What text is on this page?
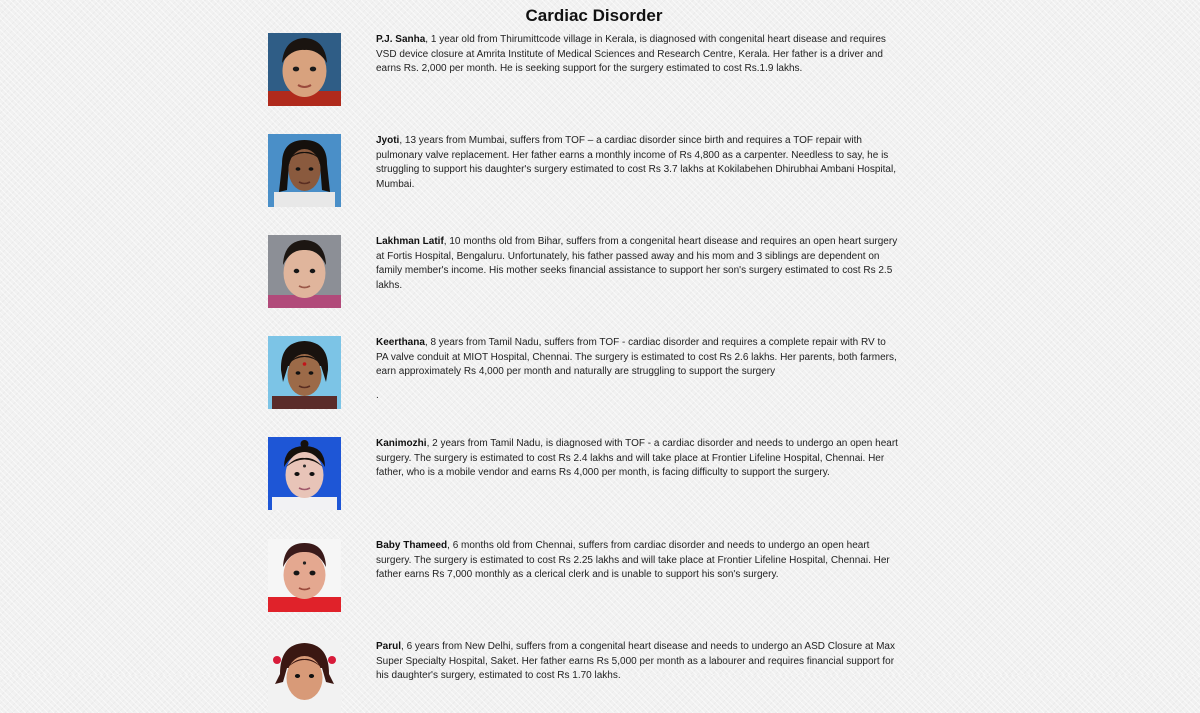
Cardiac Disorder

P.J. Sanha, 1 year old from Thirumittcode village in Kerala, is diagnosed with congenital heart disease and requires VSD device closure at Amrita Institute of Medical Sciences and Research Centre, Kerala. Her father is a driver and earns Rs. 2,000 per month. He is seeking support for the surgery estimated to cost Rs.1.9 lakhs.

Jyoti, 13 years from Mumbai, suffers from TOF – a cardiac disorder since birth and requires a TOF repair with pulmonary valve replacement. Her father earns a monthly income of Rs 4,800 as a carpenter. Needless to say, he is struggling to support his daughter's surgery estimated to cost Rs 3.7 lakhs at Kokilabehen Dhirubhai Ambani Hospital, Mumbai.

Lakhman Latif, 10 months old from Bihar, suffers from a congenital heart disease and requires an open heart surgery at Fortis Hospital, Bengaluru. Unfortunately, his father passed away and his mom and 3 siblings are dependent on family member's income. His mother seeks financial assistance to support her son's surgery estimated to cost Rs 2.5 lakhs.

Keerthana, 8 years from Tamil Nadu, suffers from TOF - cardiac disorder and requires a complete repair with RV to PA valve conduit at MIOT Hospital, Chennai. The surgery is estimated to cost Rs 2.6 lakhs. Her parents, both farmers, earn approximately Rs 4,000 per month and naturally are struggling to support the surgery

.

Kanimozhi, 2 years from Tamil Nadu, is diagnosed with TOF - a cardiac disorder and needs to undergo an open heart surgery. The surgery is estimated to cost Rs 2.4 lakhs and will take place at Frontier Lifeline Hospital, Chennai. Her father, who is a mobile vendor and earns Rs 4,000 per month, is facing difficulty to support the surgery.

Baby Thameed, 6 months old from Chennai, suffers from cardiac disorder and needs to undergo an open heart surgery. The surgery is estimated to cost Rs 2.25 lakhs and will take place at Frontier Lifeline Hospital, Chennai. Her father earns Rs 7,000 monthly as a clerical clerk and is unable to support his son's surgery.

Parul, 6 years from New Delhi, suffers from a congenital heart disease and needs to undergo an ASD Closure at Max Super Specialty Hospital, Saket. Her father earns Rs 5,000 per month as a labourer and requires financial support for his daughter's surgery, estimated to cost Rs 1.70 lakhs.
